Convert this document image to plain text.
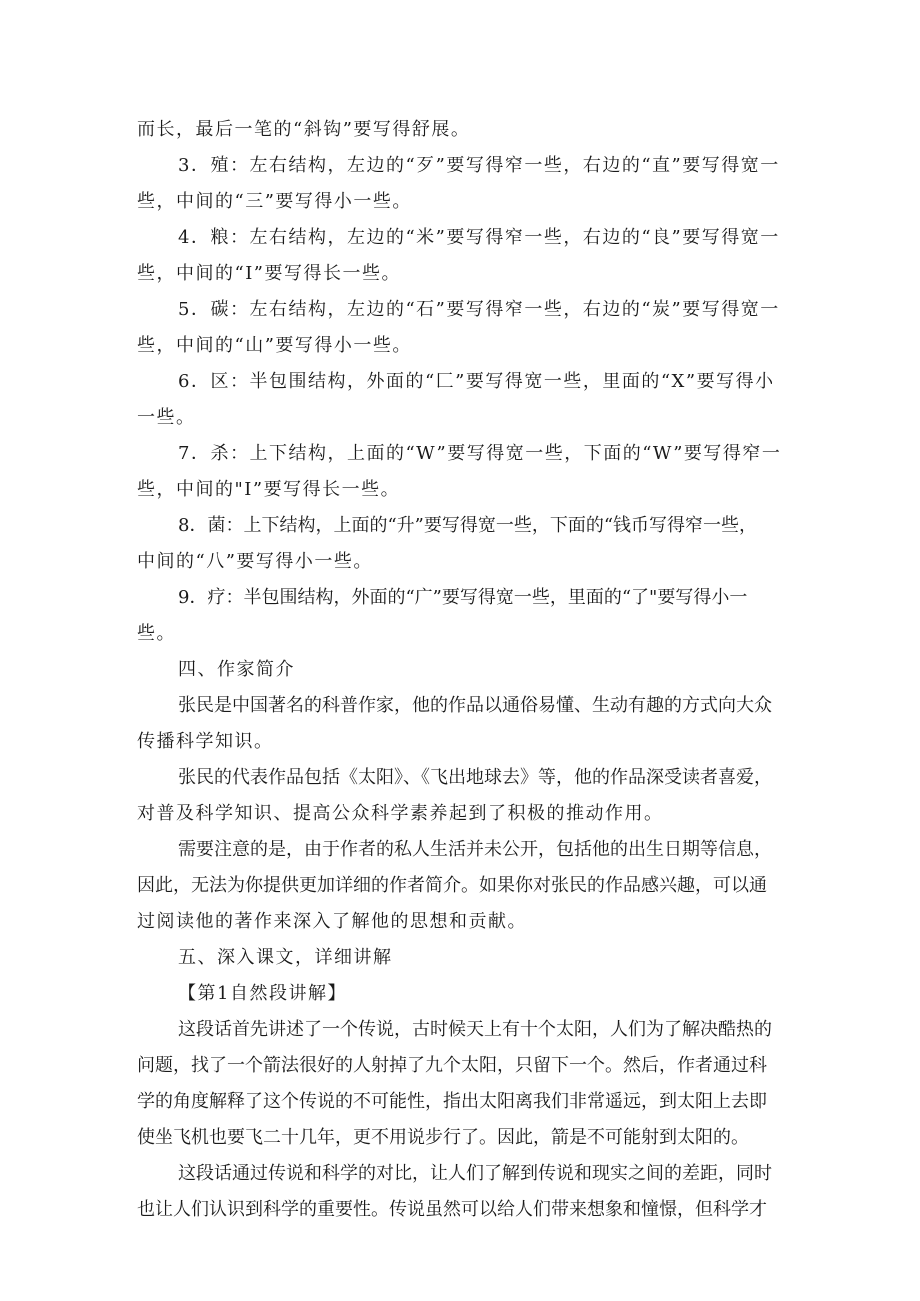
而长，最后一笔的“斜钩”要写得舒展。
3．殖：左右结构，左边的“歹”要写得窄一些，右边的“直”要写得宽一
些，中间的“三”要写得小一些。
4．粮：左右结构，左边的“米”要写得窄一些，右边的“良”要写得宽一
些，中间的“I”要写得长一些。
5．碳：左右结构，左边的“石”要写得窄一些，右边的“炭”要写得宽一
些，中间的“山”要写得小一些。
6．区：半包围结构，外面的“匚”要写得宽一些，里面的“X”要写得小
一些。
7．杀：上下结构，上面的“W”要写得宽一些，下面的“W”要写得窄一
些，中间的"I”要写得长一些。
8．菌：上下结构，上面的“升”要写得宽一些，下面的“钱币写得窄一些，
中间的“八”要写得小一些。
9．疗：半包围结构，外面的“广”要写得宽一些，里面的“了"要写得小一
些。
四、作家简介
张民是中国著名的科普作家，他的作品以通俗易懂、生动有趣的方式向大众
传播科学知识。
张民的代表作品包括《太阳》、《飞出地球去》等，他的作品深受读者喜爱，
对普及科学知识、提高公众科学素养起到了积极的推动作用。
需要注意的是，由于作者的私人生活并未公开，包括他的出生日期等信息，
因此，无法为你提供更加详细的作者简介。如果你对张民的作品感兴趣，可以通
过阅读他的著作来深入了解他的思想和贡献。
五、深入课文，详细讲解
【第1自然段讲解】
这段话首先讲述了一个传说，古时候天上有十个太阳，人们为了解决酷热的
问题，找了一个箭法很好的人射掉了九个太阳，只留下一个。然后，作者通过科
学的角度解释了这个传说的不可能性，指出太阳离我们非常遥远，到太阳上去即
使坐飞机也要飞二十几年，更不用说步行了。因此，箭是不可能射到太阳的。
这段话通过传说和科学的对比，让人们了解到传说和现实之间的差距，同时
也让人们认识到科学的重要性。传说虽然可以给人们带来想象和憧憬，但科学才
